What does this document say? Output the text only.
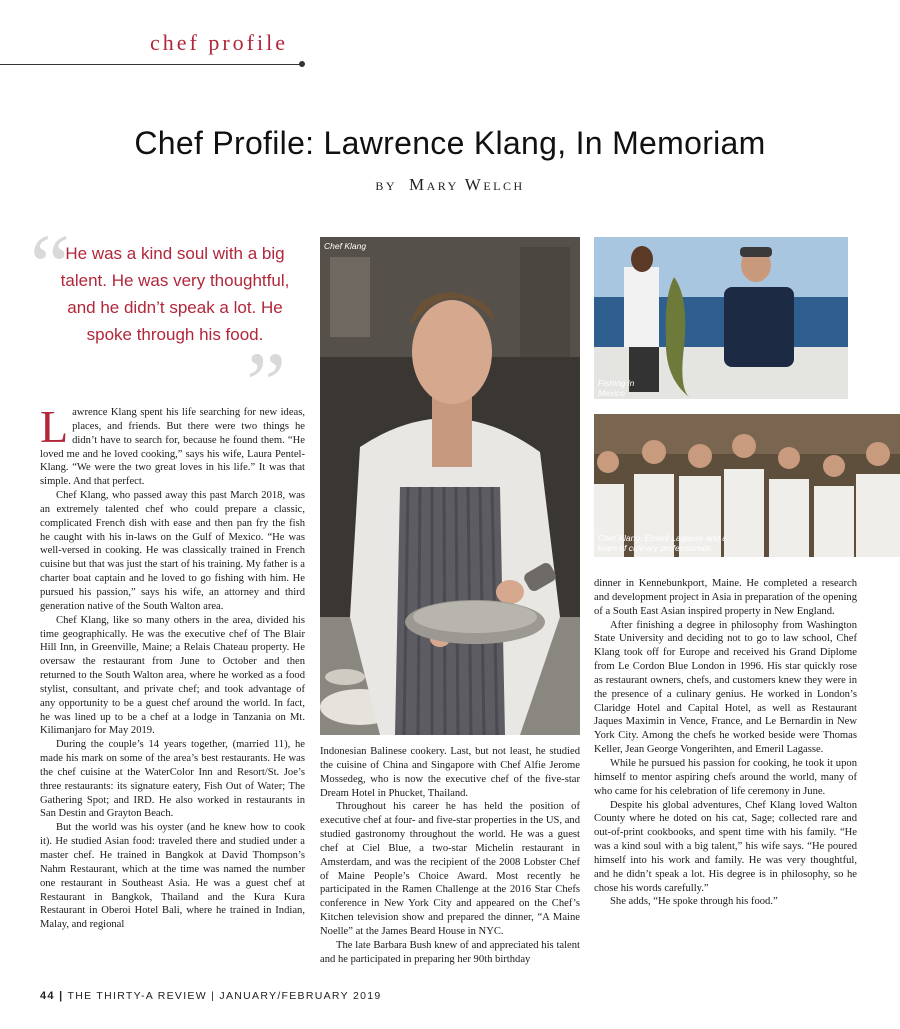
chef profile
Chef Profile: Lawrence Klang, In Memoriam
BY MARY WELCH
“
”
He was a kind soul with a big talent. He was very thoughtful, and he didn’t speak a lot. He spoke through his food.
Chef Klang
Fishing in Mexico
Chef Klang, Emeril Lagasse and a team of culinary professionals

Lawrence Klang spent his life searching for new ideas, places, and friends. But there were two things he didn’t have to search for, because he found them. “He loved me and he loved cooking,” says his wife, Laura Pentel-Klang. “We were the two great loves in his life.” It was that simple. And that perfect.

Chef Klang, who passed away this past March 2018, was an extremely talented chef who could prepare a classic, complicated French dish with ease and then pan fry the fish he caught with his in-laws on the Gulf of Mexico. “He was well-versed in cooking. He was classically trained in French cuisine but that was just the start of his training. My father is a charter boat captain and he loved to go fishing with him. He pursued his passion,” says his wife, an attorney and third generation native of the South Walton area.

Chef Klang, like so many others in the area, divided his time geographically. He was the executive chef of The Blair Hill Inn, in Greenville, Maine; a Relais Chateau property. He oversaw the restaurant from June to October and then returned to the South Walton area, where he worked as a food stylist, consultant, and private chef; and took advantage of any opportunity to be a guest chef around the world. In fact, he was lined up to be a chef at a lodge in Tanzania on Mt. Kilimanjaro for May 2019.

During the couple’s 14 years together, (married 11), he made his mark on some of the area’s best restaurants. He was the chef cuisine at the WaterColor Inn and Resort/St. Joe’s three restaurants: its signature eatery, Fish Out of Water; The Gathering Spot; and IRD. He also worked in restaurants in San Destin and Grayton Beach.

But the world was his oyster (and he knew how to cook it). He studied Asian food: traveled there and studied under a master chef. He trained in Bangkok at David Thompson’s Nahm Restaurant, which at the time was named the number one restaurant in Southeast Asia. He was a guest chef at Restaurant in Bangkok, Thailand and the Kura Kura Restaurant in Oberoi Hotel Bali, where he trained in Indian, Malay, and regional

Indonesian Balinese cookery. Last, but not least, he studied the cuisine of China and Singapore with Chef Alfie Jerome Mossedeg, who is now the executive chef of the five-star Dream Hotel in Phucket, Thailand.

Throughout his career he has held the position of executive chef at four- and five-star properties in the US, and studied gastronomy throughout the world. He was a guest chef at Ciel Blue, a two-star Michelin restaurant in Amsterdam, and was the recipient of the 2008 Lobster Chef of Maine People’s Choice Award. Most recently he participated in the Ramen Challenge at the 2016 Star Chefs conference in New York City and appeared on the Chef’s Kitchen television show and prepared the dinner, “A Maine Noelle” at the James Beard House in NYC.

The late Barbara Bush knew of and appreciated his talent and he participated in preparing her 90th birthday

dinner in Kennebunkport, Maine. He completed a research and development project in Asia in preparation of the opening of a South East Asian inspired property in New England.

After finishing a degree in philosophy from Washington State University and deciding not to go to law school, Chef Klang took off for Europe and received his Grand Diplome from Le Cordon Blue London in 1996. His star quickly rose as restaurant owners, chefs, and customers knew they were in the presence of a culinary genius. He worked in London’s Claridge Hotel and Capital Hotel, as well as Restaurant Jaques Maximin in Vence, France, and Le Bernardin in New York City. Among the chefs he worked beside were Thomas Keller, Jean George Vongerihten, and Emeril Lagasse.

While he pursued his passion for cooking, he took it upon himself to mentor aspiring chefs around the world, many of who came for his celebration of life ceremony in June.

Despite his global adventures, Chef Klang loved Walton County where he doted on his cat, Sage; collected rare and out-of-print cookbooks, and spent time with his family. “He was a kind soul with a big talent,” his wife says. “He poured himself into his work and family. He was very thoughtful, and he didn’t speak a lot. His degree is in philosophy, so he chose his words carefully.”

She adds, “He spoke through his food.”

44 | THE THIRTY-A REVIEW | JANUARY/FEBRUARY 2019
